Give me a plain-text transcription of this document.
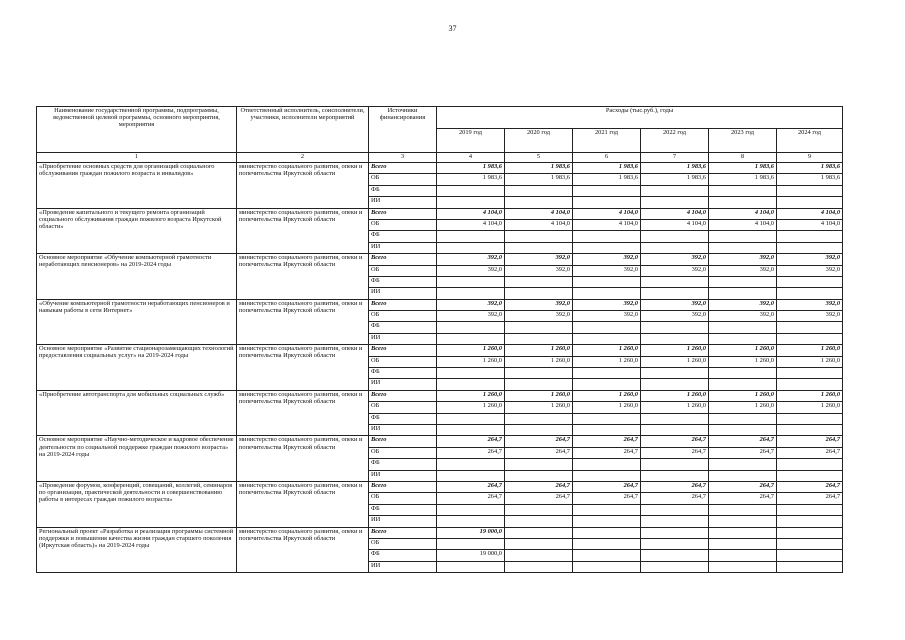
37
Наименование государственной программы, подпрограммы, ведомственной целевой программы, основного мероприятия, мероприятия	Ответственный исполнитель, соисполнители, участники, исполнители мероприятий	Источники финансирования	Расходы (тыс.руб.), годы					
			2019 год	2020 год	2021 год	2022 год	2023 год	2024 год
1	2	3	4	5	6	7	8	9
«Приобретение основных средств для организаций социального обслуживания граждан пожилого возраста и инвалидов»	министерство социального развития, опеки и попечительства Иркутской области	Всего	1 983,6	1 983,6	1 983,6	1 983,6	1 983,6	1 983,6
		ОБ	1 983,6	1 983,6	1 983,6	1 983,6	1 983,6	1 983,6
		ФБ						
		ИИ						
«Проведение капитального и текущего ремонта организаций социального обслуживания граждан пожилого возраста Иркутской области»	министерство социального развития, опеки и попечительства Иркутской области	Всего	4 104,0	4 104,0	4 104,0	4 104,0	4 104,0	4 104,0
		ОБ	4 104,0	4 104,0	4 104,0	4 104,0	4 104,0	4 104,0
		ФБ						
		ИИ						
Основное мероприятие «Обучение компьютерной грамотности неработающих пенсионеров» на 2019-2024 годы	министерство социального развития, опеки и попечительства Иркутской области	Всего	392,0	392,0	392,0	392,0	392,0	392,0
		ОБ	392,0	392,0	392,0	392,0	392,0	392,0
		ФБ						
		ИИ						
«Обучение компьютерной грамотности неработающих пенсионеров и навыкам работы в сети Интернет»	министерство социального развития, опеки и попечительства Иркутской области	Всего	392,0	392,0	392,0	392,0	392,0	392,0
		ОБ	392,0	392,0	392,0	392,0	392,0	392,0
		ФБ						
		ИИ						
Основное мероприятие «Развитие стационарозамещающих технологий предоставления социальных услуг» на 2019-2024 годы	министерство социального развития, опеки и попечительства Иркутской области	Всего	1 260,0	1 260,0	1 260,0	1 260,0	1 260,0	1 260,0
		ОБ	1 260,0	1 260,0	1 260,0	1 260,0	1 260,0	1 260,0
		ФБ						
		ИИ						
«Приобретение автотранспорта для мобильных социальных служб»	министерство социального развития, опеки и попечительства Иркутской области	Всего	1 260,0	1 260,0	1 260,0	1 260,0	1 260,0	1 260,0
		ОБ	1 260,0	1 260,0	1 260,0	1 260,0	1 260,0	1 260,0
		ФБ						
		ИИ						
Основное мероприятие «Научно-методическое и кадровое обеспечение деятельности по социальной поддержке граждан пожилого возраста» на 2019-2024 годы	министерство социального развития, опеки и попечительства Иркутской области	Всего	264,7	264,7	264,7	264,7	264,7	264,7
		ОБ	264,7	264,7	264,7	264,7	264,7	264,7
		ФБ						
		ИИ						
«Проведение форумов, конференций, совещаний, коллегий, семинаров по организации, практической деятельности и совершенствованию работы в интересах граждан пожилого возраста»	министерство социального развития, опеки и попечительства Иркутской области	Всего	264,7	264,7	264,7	264,7	264,7	264,7
		ОБ	264,7	264,7	264,7	264,7	264,7	264,7
		ФБ						
		ИИ						
Региональный проект «Разработка и реализация программы системной поддержки и повышения качества жизни граждан старшего поколения (Иркутская область)» на 2019-2024 годы	министерство социального развития, опеки и попечительства Иркутской области	Всего	19 000,0					
		ОБ						
		ФБ	19 000,0					
		ИИ						
